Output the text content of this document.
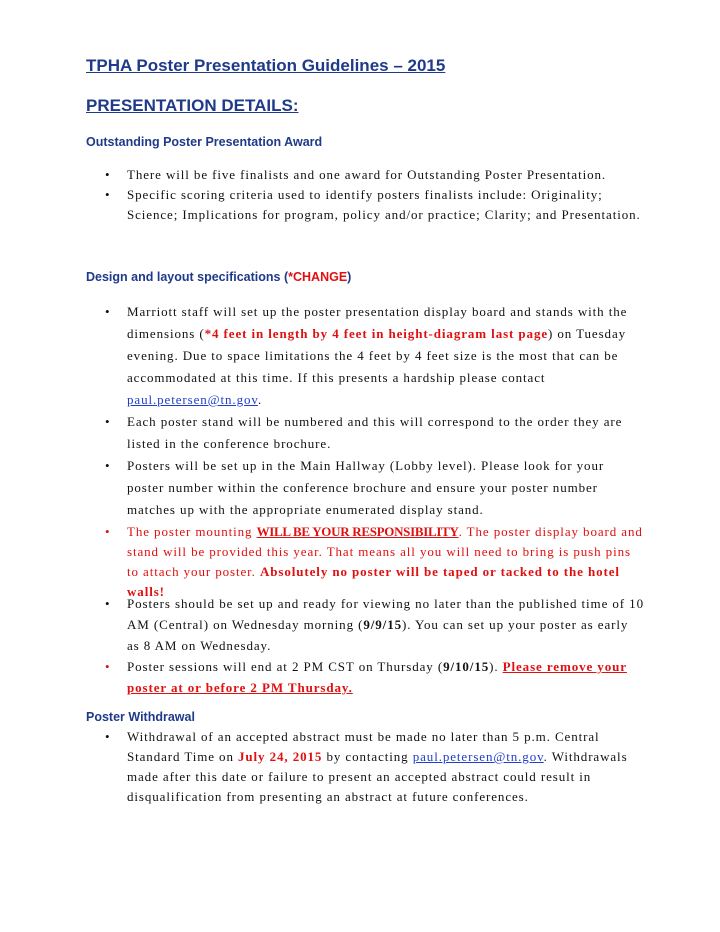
TPHA Poster Presentation Guidelines – 2015
PRESENTATION DETAILS:
Outstanding Poster Presentation Award
• There will be five finalists and one award for Outstanding Poster Presentation.
• Specific scoring criteria used to identify posters finalists include: Originality; Science; Implications for program, policy and/or practice; Clarity; and Presentation.
Design and layout specifications (*CHANGE)
• Marriott staff will set up the poster presentation display board and stands with the dimensions (*4 feet in length by 4 feet in height-diagram last page) on Tuesday evening. Due to space limitations the 4 feet by 4 feet size is the most that can be accommodated at this time. If this presents a hardship please contact paul.petersen@tn.gov.
• Each poster stand will be numbered and this will correspond to the order they are listed in the conference brochure.
• Posters will be set up in the Main Hallway (Lobby level). Please look for your poster number within the conference brochure and ensure your poster number matches up with the appropriate enumerated display stand.
• The poster mounting WILL BE YOUR RESPONSIBILITY. The poster display board and stand will be provided this year. That means all you will need to bring is push pins to attach your poster. Absolutely no poster will be taped or tacked to the hotel walls!
• Posters should be set up and ready for viewing no later than the published time of 10 AM (Central) on Wednesday morning (9/9/15). You can set up your poster as early as 8 AM on Wednesday.
• Poster sessions will end at 2 PM CST on Thursday (9/10/15). Please remove your poster at or before 2 PM Thursday.
Poster Withdrawal
• Withdrawal of an accepted abstract must be made no later than 5 p.m. Central Standard Time on July 24, 2015 by contacting paul.petersen@tn.gov. Withdrawals made after this date or failure to present an accepted abstract could result in disqualification from presenting an abstract at future conferences.
